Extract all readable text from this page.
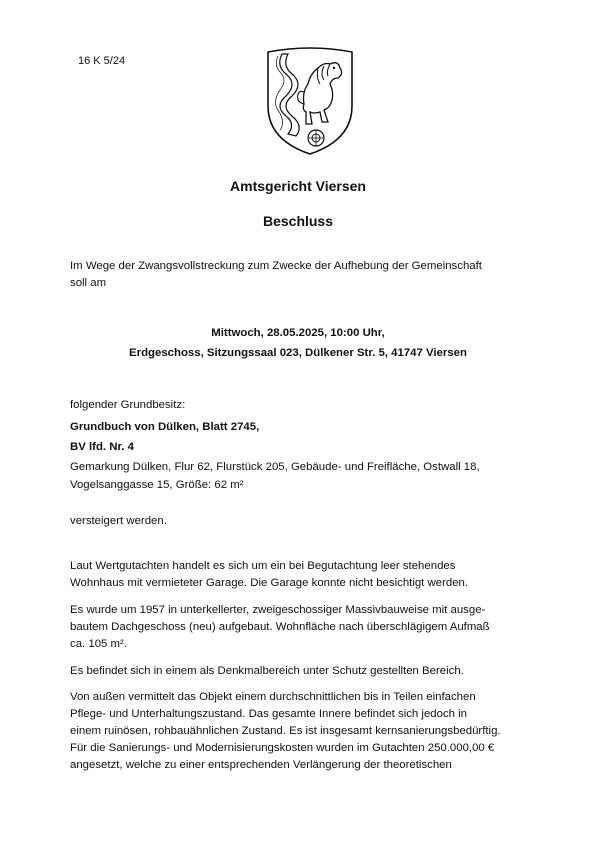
16 K 5/24
Amtsgericht Viersen
Beschluss
Im Wege der Zwangsvollstreckung zum Zwecke der Aufhebung der Gemeinschaft
soll am
Mittwoch, 28.05.2025, 10:00 Uhr,
Erdgeschoss, Sitzungssaal 023, Dülkener Str. 5, 41747 Viersen
folgender Grundbesitz:
Grundbuch von Dülken, Blatt 2745,
BV lfd. Nr. 4
Gemarkung Dülken, Flur 62, Flurstück 205, Gebäude- und Freifläche, Ostwall 18,
Vogelsanggasse 15, Größe: 62 m²
versteigert werden.
Laut Wertgutachten handelt es sich um ein bei Begutachtung leer stehendes
Wohnhaus mit vermieteter Garage. Die Garage konnte nicht besichtigt werden.
Es wurde um 1957 in unterkellerter, zweigeschossiger Massivbauweise mit ausge-
bautem Dachgeschoss (neu) aufgebaut. Wohnfläche nach überschlägigem Aufmaß
ca. 105 m².
Es befindet sich in einem als Denkmalbereich unter Schutz gestellten Bereich.
Von außen vermittelt das Objekt einem durchschnittlichen bis in Teilen einfachen
Pflege- und Unterhaltungszustand. Das gesamte Innere befindet sich jedoch in
einem ruinösen, rohbauähnlichen Zustand. Es ist insgesamt kernsanierungsbedürftig.
Für die Sanierungs- und Modernisierungskosten wurden im Gutachten 250.000,00 €
angesetzt, welche zu einer entsprechenden Verlängerung der theoretischen
